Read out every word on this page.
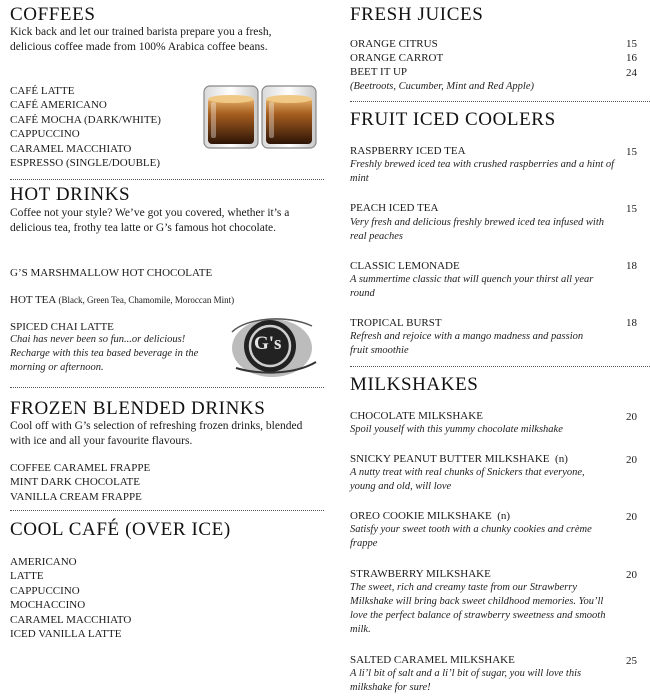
COFFEES
Kick back and let our trained barista prepare you a fresh, delicious coffee made from 100% Arabica coffee beans.
CAFÉ LATTE
CAFÉ AMERICANO
CAFÉ MOCHA (DARK/WHITE)
CAPPUCCINO
CARAMEL MACCHIATO
ESPRESSO (SINGLE/DOUBLE)
HOT DRINKS
Coffee not your style? We’ve got you covered, whether it’s a delicious tea, frothy tea latte or G’s famous hot chocolate.
G’S MARSHMALLOW HOT CHOCOLATE
HOT TEA (Black, Green Tea, Chamomile, Moroccan Mint)
SPICED CHAI LATTE
Chai has never been so fun...or delicious! Recharge with this tea based beverage in the morning or afternoon.
G's
FROZEN BLENDED DRINKS
Cool off with G’s selection of refreshing frozen drinks, blended with ice and all your favourite flavours.
COFFEE CARAMEL FRAPPE
MINT DARK CHOCOLATE
VANILLA CREAM FRAPPE
COOL CAFÉ (OVER ICE)
AMERICANO
LATTE
CAPPUCCINO
MOCHACCINO
CARAMEL MACCHIATO
ICED VANILLA LATTE
FRESH JUICES
ORANGE CITRUS	15
ORANGE CARROT	16
BEET IT UP	24
(Beetroots, Cucumber, Mint and Red Apple)
FRUIT ICED COOLERS
RASPBERRY ICED TEA	15
Freshly brewed iced tea with crushed raspberries and a hint of mint
PEACH ICED TEA	15
Very fresh and delicious freshly brewed iced tea infused with real peaches
CLASSIC LEMONADE	18
A summertime classic that will quench your thirst all year round
TROPICAL BURST	18
Refresh and rejoice with a mango madness and passion fruit smoothie
MILKSHAKES
CHOCOLATE MILKSHAKE	20
Spoil youself with this yummy chocolate milkshake
SNICKY PEANUT BUTTER MILKSHAKE  (n)	20
A nutty treat with real chunks of Snickers that everyone, young and old, will love
OREO COOKIE MILKSHAKE  (n)	20
Satisfy your sweet tooth with a chunky cookies and crème frappe
STRAWBERRY MILKSHAKE	20
The sweet, rich and creamy taste from our Strawberry Milkshake will bring back sweet childhood memories. You’ll love the perfect balance of strawberry sweetness and smooth milk.
SALTED CARAMEL MILKSHAKE	25
A li’l bit of salt and a li’l bit of sugar, you will love this milkshake for sure!
